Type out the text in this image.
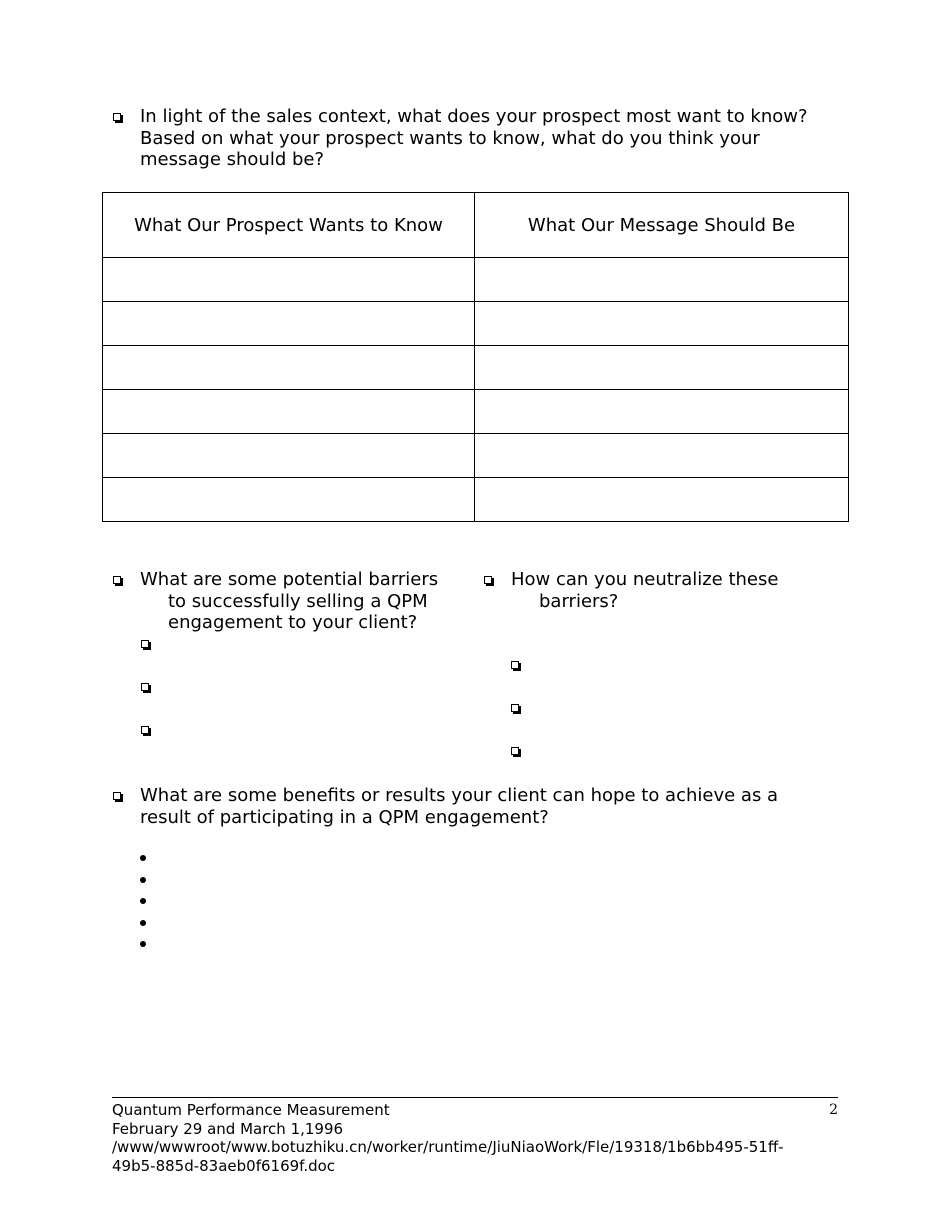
In light of the sales context, what does your prospect most want to know?
Based on what your prospect wants to know, what do you think your
message should be?
What Our Prospect Wants to Know	What Our Message Should Be

What are some potential barriers
to successfully selling a QPM
engagement to your client?
How can you neutralize these
barriers?
What are some benefits or results your client can hope to achieve as a
result of participating in a QPM engagement?
Quantum Performance Measurement
February 29 and March 1,1996
/www/wwwroot/www.botuzhiku.cn/worker/runtime/JiuNiaoWork/Fle/19318/1b6bb495-51ff-
49b5-885d-83aeb0f6169f.doc
2
